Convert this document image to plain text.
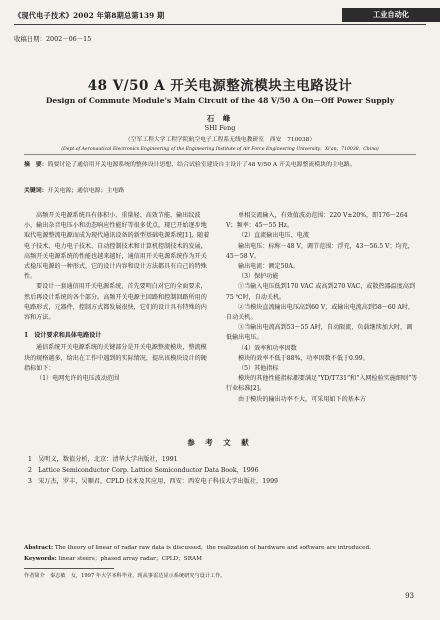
《现代电子技术》2002 年第8期总第139 期	工业自动化
收稿日期：2002－06－15
48 V/50 A 开关电源整流模块主电路设计
Design of Commute Module's Main Circuit of the 48 V/50 A On－Off Power Supply
石 峰
SHI Feng
（空军工程大学工程学院航空电子工程系无线电教研室　西安　710038）
(Dept.of Aeronautical Electronics Engineering of the Engineering Institute of Air Force Engineering University，Xi'an，710038，China)
摘　要：简要讨论了通信用开关电源系统的整体设计思想，结合试验室建设自主设计了48 V/50 A 开关电源整流模块的主电路。
关键词：开关电源；通信电源；主电路

高频开关电源系统具有体积小、重量轻、高效节能、输出纹波小，输出杂音电压小和动态响应性能好等很多优点，现已开始逐步地取代电源整流电源而成为现代通讯设备的新型基础电源系统[1]，随着电子技术、电力电子技术、自动控制技术和计算机控制技术的发展，高频开关电源系统的性能也越来越好，通信用开关电源系统作为开关式稳压电源的一种形式，它的设计内容和设计方法都具有自己的特殊性。

要设计一套通信用开关电源系统，首先要明白对它的全面要求，然后再设计系统的各个部分。高频开关电源主回路和控制回路所用的电路形式，元器件，控制方式都发展很快，它们的设计具有特殊的内容和方法。

1　设计要求和具体电路设计

通信系统开关电源系统的关键部分是开关电源整流模块，整流模块的规格越多，给出在工作中遇到的实际情况，提出该模块设计的硬指标如下：

（1）电网允许的电压波动范围

单相交流输入，有效值波动范围：220 V±20%，即176～264 V；频率：45～55 Hz。

（2）直流输出电压、电流

输出电压：标称－48 V，调节范围：浮充，43～56.5 V；均充，45～58 V。

输出电流：额定50A。

（3）保护功能

①当输入电压低到170 VAC 或高到270 VAC，或散热器温度高到 75 ℃时，自动关机。

②当模块直流输出电压高到60 V，或输出电流高到58～60 A时，自动关机。

③当输出电流高到53～55 A时，自动限流，负载继续加大时，调低输出电压。

（4）效率和功率因数

模块的效率不低于88%，功率因数不低于0.99。

（5）其他指标

模块的其他性能指标都要满足“YD/T731”和“入网检验实施细则”等行业标准[2]。

由于模块的输出功率不大，可采用如下的基本方

参 考 文 献

1　吴明义，数值分析，北京：清华大学出版社，1991

2　Lattice Semiconductor Corp. Lattice Semiconductor Data Book，1996

3　宋万杰，罗丰，吴顺君，CPLD 技术及其应用，西安：西安电子科技大学出版社，1999

Abstract: The theory of linear of radar raw data is discussed，the realization of hardware and software are introduced.
Keywords: linear steers；phased array radar；CPLD；SRAM
作者简介　秦志敏　女，1997 年大学本科毕业，现从事雷达显示系统研究与设计工作。
93
